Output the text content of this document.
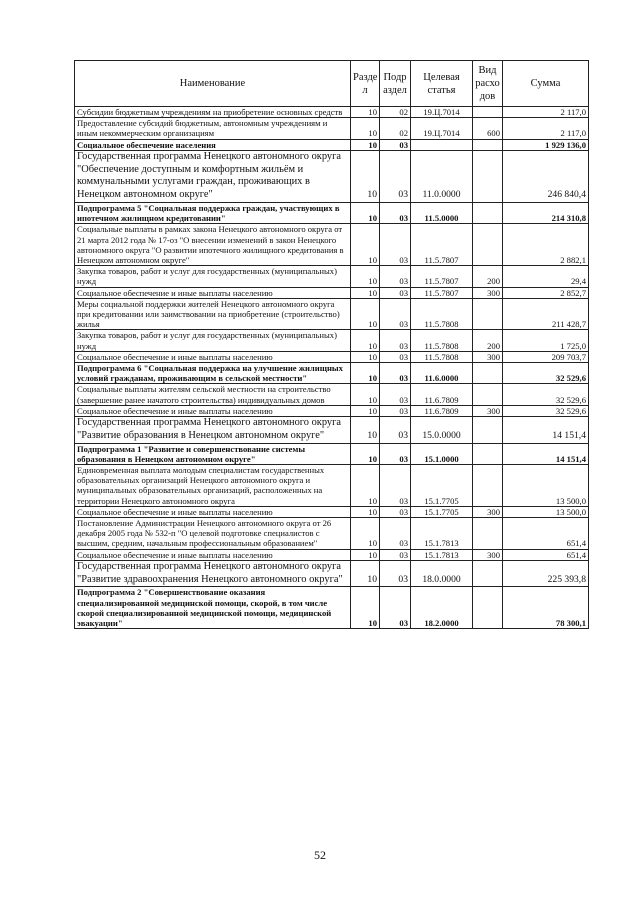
Наименование	Разде л	Подр аздел	Целевая статья	Вид расхо дов	Сумма
Субсидии бюджетным учреждениям на приобретение основных средств	10	02	19.Ц.7014		2 117,0
Предоставление субсидий бюджетным, автономным учреждениям и иным некоммерческим организациям	10	02	19.Ц.7014	600	2 117,0
Социальное обеспечение населения	10	03			1 929 136,0
Государственная программа Ненецкого автономного округа "Обеспечение доступным и комфортным жильём и коммунальными услугами граждан, проживающих в Ненецком автономном округе"	10	03	11.0.0000		246 840,4
Подпрограмма 5 "Социальная поддержка граждан, участвующих в ипотечном жилищном кредитовании"	10	03	11.5.0000		214 310,8
Социальные выплаты в рамках закона Ненецкого автономного округа от 21 марта 2012 года № 17-оз "О внесении изменений в закон Ненецкого автономного округа "О развитии ипотечного жилищного кредитования в Ненецком автономном округе"	10	03	11.5.7807		2 882,1
Закупка товаров, работ и услуг для государственных (муниципальных) нужд	10	03	11.5.7807	200	29,4
Социальное обеспечение и иные выплаты населению	10	03	11.5.7807	300	2 852,7
Меры социальной поддержки жителей Ненецкого автономного округа при кредитовании или заимствовании на приобретение (строительство) жилья	10	03	11.5.7808		211 428,7
Закупка товаров, работ и услуг для государственных (муниципальных) нужд	10	03	11.5.7808	200	1 725,0
Социальное обеспечение и иные выплаты населению	10	03	11.5.7808	300	209 703,7
Подпрограмма 6 "Социальная поддержка на улучшение жилищных условий гражданам, проживающим в сельской местности"	10	03	11.6.0000		32 529,6
Социальные выплаты жителям сельской местности на строительство (завершение ранее начатого строительства) индивидуальных домов	10	03	11.6.7809		32 529,6
Социальное обеспечение и иные выплаты населению	10	03	11.6.7809	300	32 529,6
Государственная программа Ненецкого автономного округа "Развитие образования в Ненецком автономном округе"	10	03	15.0.0000		14 151,4
Подпрограмма 1 "Развитие и совершенствование системы образования в Ненецком автономном округе"	10	03	15.1.0000		14 151,4
Единовременная выплата молодым специалистам государственных образовательных организаций Ненецкого автономного округа и муниципальных образовательных организаций, расположенных на территории Ненецкого автономного округа	10	03	15.1.7705		13 500,0
Социальное обеспечение и иные выплаты населению	10	03	15.1.7705	300	13 500,0
Постановление Администрации Ненецкого автономного округа от 26 декабря 2005 года № 532-п "О целевой подготовке специалистов с высшим, средним, начальным профессиональным образованием"	10	03	15.1.7813		651,4
Социальное обеспечение и иные выплаты населению	10	03	15.1.7813	300	651,4
Государственная программа Ненецкого автономного округа "Развитие здравоохранения Ненецкого автономного округа"	10	03	18.0.0000		225 393,8
Подпрограмма 2 "Совершенствование оказания специализированной медицинской помощи, скорой, в том числе скорой специализированной медицинской помощи, медицинской эвакуации"	10	03	18.2.0000		78 300,1
52
